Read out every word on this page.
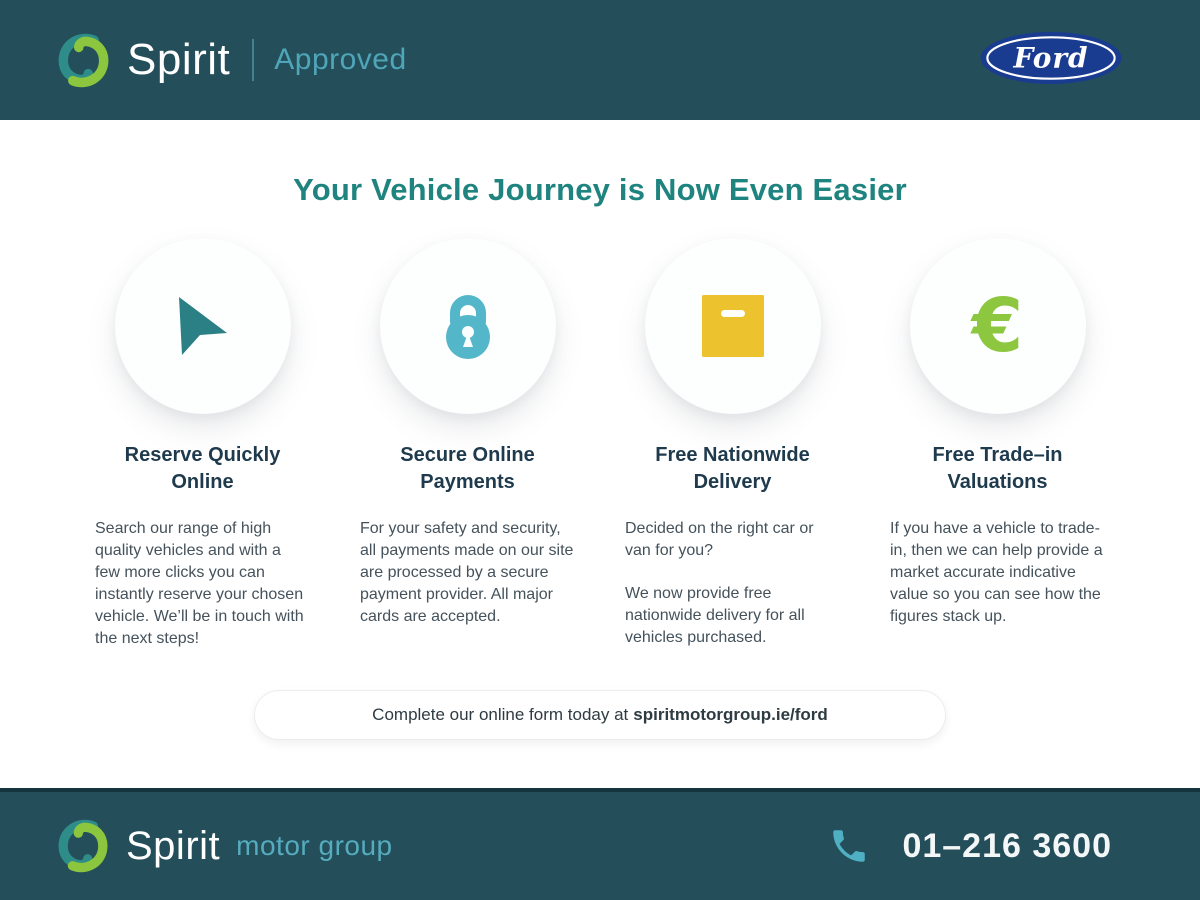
Spirit Approved	Ford
Your Vehicle Journey is Now Even Easier
Reserve Quickly Online

Search our range of high quality vehicles and with a few more clicks you can instantly reserve your chosen vehicle. We’ll be in touch with the next steps!

Secure Online Payments

For your safety and security, all payments made on our site are processed by a secure payment provider. All major cards are accepted.

Free Nationwide Delivery

Decided on the right car or van for you?

We now provide free nationwide delivery for all vehicles purchased.

€
Free Trade–in Valuations

If you have a vehicle to trade-in, then we can help provide a market accurate indicative value so you can see how the figures stack up.

Complete our online form today at spiritmotorgroup.ie/ford
Spirit motor group	01–216 3600
